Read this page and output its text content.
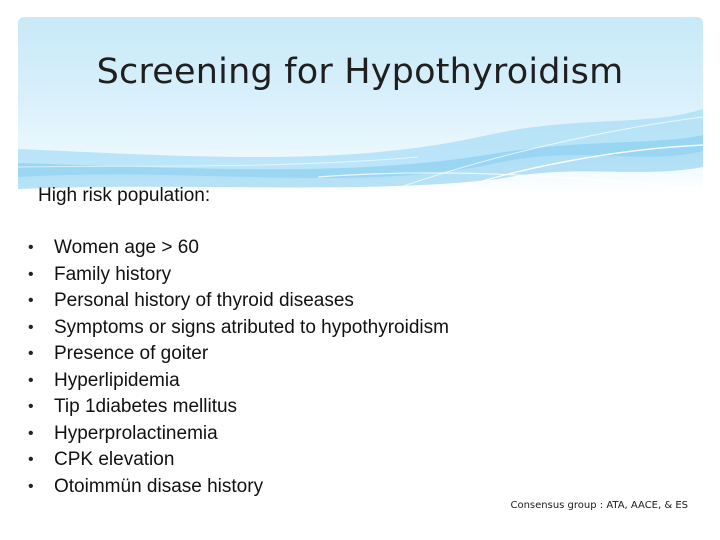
Screening for Hypothyroidism

High risk population:

•	Women age > 60
•	Family history
•	Personal history of thyroid diseases
•	Symptoms or signs atributed to hypothyroidism
•	Presence of goiter
•	Hyperlipidemia
•	Tip 1diabetes mellitus
•	Hyperprolactinemia
•	CPK elevation
•	Otoimmün disase history

Consensus group : ATA, AACE, & ES
